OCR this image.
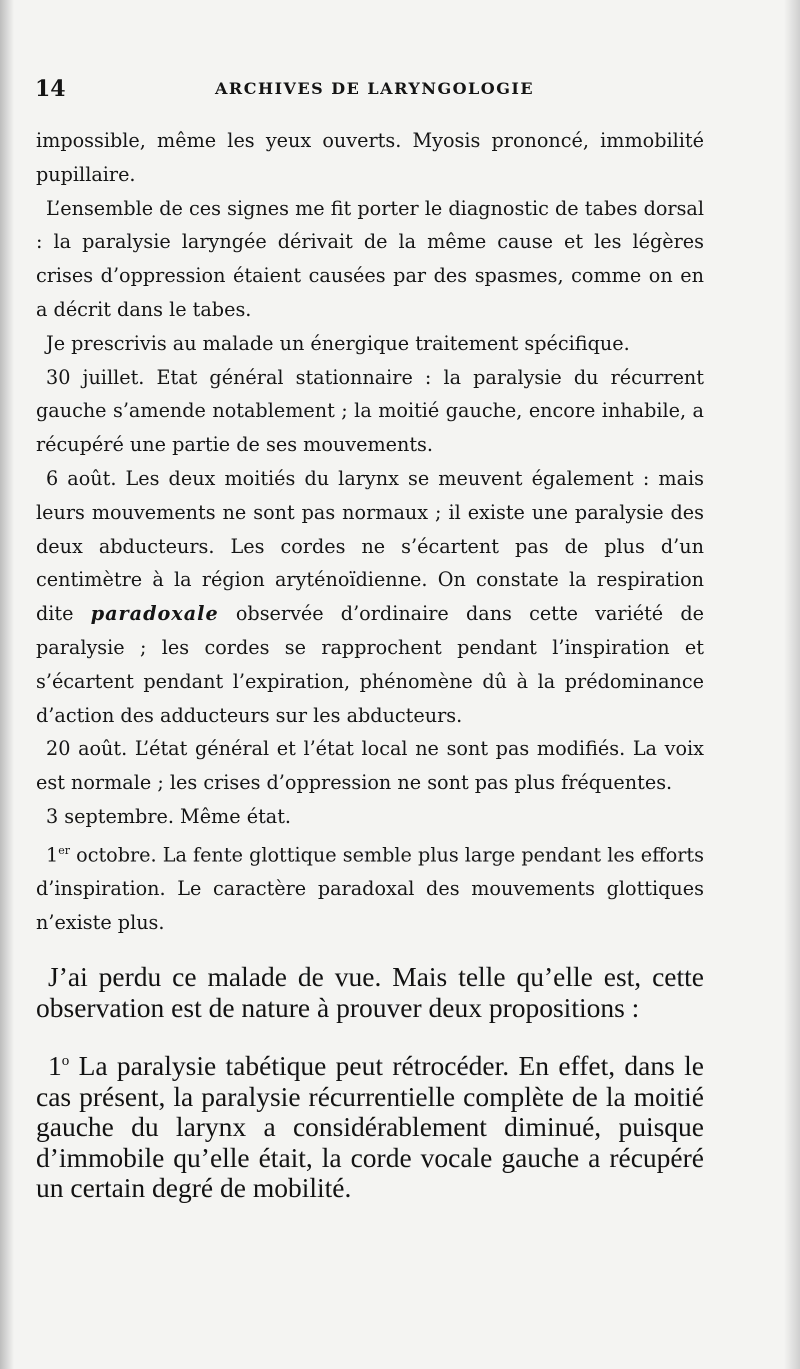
14	ARCHIVES DE LARYNGOLOGIE

impossible, même les yeux ouverts. Myosis prononcé, immobilité pupillaire.

L’ensemble de ces signes me fit porter le diagnostic de tabes dorsal : la paralysie laryngée dérivait de la même cause et les légères crises d’oppression étaient causées par des spasmes, comme on en a décrit dans le tabes.

Je prescrivis au malade un énergique traitement spécifique.

30 juillet. Etat général stationnaire : la paralysie du récurrent gauche s’amende notablement ; la moitié gauche, encore inhabile, a récupéré une partie de ses mouvements.

6 août. Les deux moitiés du larynx se meuvent également : mais leurs mouvements ne sont pas normaux ; il existe une paralysie des deux abducteurs. Les cordes ne s’écartent pas de plus d’un centimètre à la région aryténoïdienne. On constate la respiration dite paradoxale observée d’ordinaire dans cette variété de paralysie ; les cordes se rapprochent pendant l’inspiration et s’écartent pendant l’expiration, phénomène dû à la prédominance d’action des adducteurs sur les abducteurs.

20 août. L’état général et l’état local ne sont pas modifiés. La voix est normale ; les crises d’oppression ne sont pas plus fréquentes.

3 septembre. Même état.

1er octobre. La fente glottique semble plus large pendant les efforts d’inspiration. Le caractère paradoxal des mouvements glottiques n’existe plus.

J’ai perdu ce malade de vue. Mais telle qu’elle est, cette observation est de nature à prouver deux propositions :

1$^o$ La paralysie tabétique peut rétrocéder. En effet, dans le cas présent, la paralysie récurrentielle complète de la moitié gauche du larynx a considérablement diminué, puisque d’immobile qu’elle était, la corde vocale gauche a récupéré un certain degré de mobilité.
